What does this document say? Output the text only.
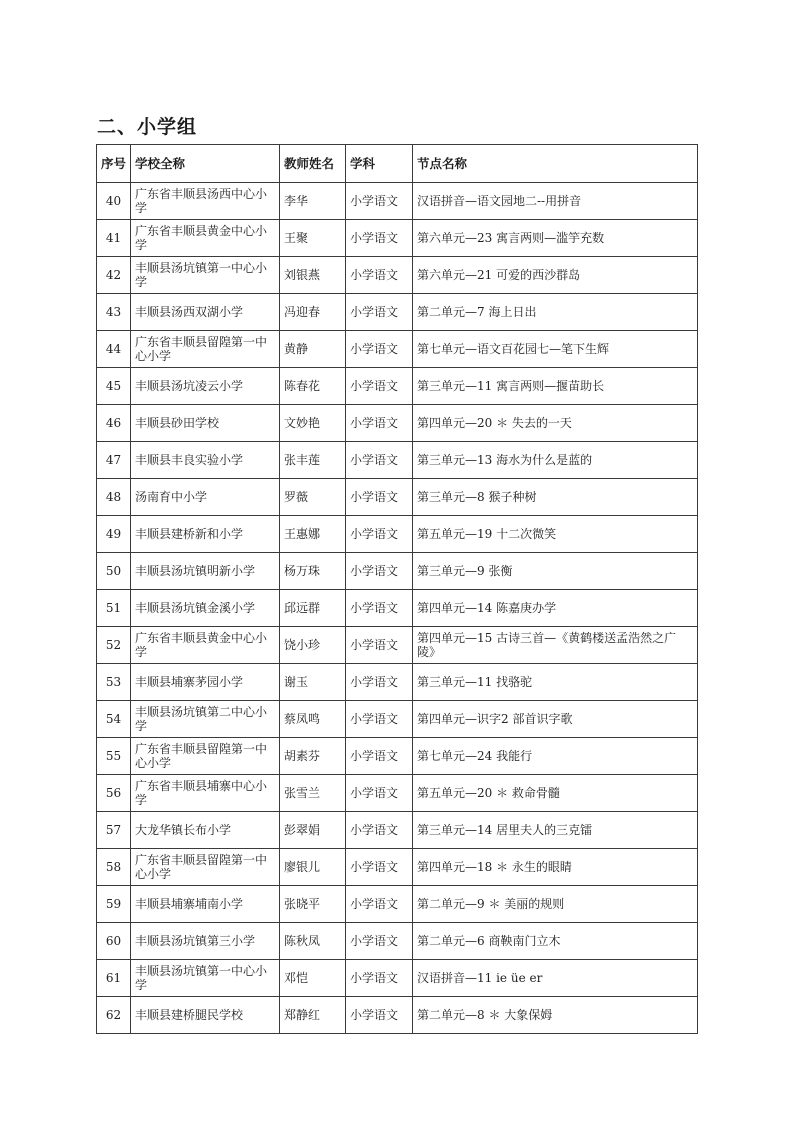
二、小学组
序号	学校全称	教师姓名	学科	节点名称
40	广东省丰顺县汤西中心小学	李华	小学语文	汉语拼音—语文园地二--用拼音
41	广东省丰顺县黄金中心小学	王聚	小学语文	第六单元—23 寓言两则—滥竽充数
42	丰顺县汤坑镇第一中心小学	刘银燕	小学语文	第六单元—21 可爱的西沙群岛
43	丰顺县汤西双湖小学	冯迎春	小学语文	第二单元—7 海上日出
44	广东省丰顺县留隍第一中心小学	黄静	小学语文	第七单元—语文百花园七—笔下生辉
45	丰顺县汤坑凌云小学	陈春花	小学语文	第三单元—11 寓言两则—揠苗助长
46	丰顺县砂田学校	文妙艳	小学语文	第四单元—20 ＊ 失去的一天
47	丰顺县丰良实验小学	张丰莲	小学语文	第三单元—13 海水为什么是蓝的
48	汤南育中小学	罗薇	小学语文	第三单元—8 猴子种树
49	丰顺县建桥新和小学	王惠娜	小学语文	第五单元—19 十二次微笑
50	丰顺县汤坑镇明新小学	杨万珠	小学语文	第三单元—9 张衡
51	丰顺县汤坑镇金溪小学	邱远群	小学语文	第四单元—14 陈嘉庚办学
52	广东省丰顺县黄金中心小学	饶小珍	小学语文	第四单元—15 古诗三首—《黄鹤楼送孟浩然之广陵》
53	丰顺县埔寨茅园小学	谢玉	小学语文	第三单元—11 找骆驼
54	丰顺县汤坑镇第二中心小学	蔡凤鸣	小学语文	第四单元—识字2 部首识字歌
55	广东省丰顺县留隍第一中心小学	胡素芬	小学语文	第七单元—24 我能行
56	广东省丰顺县埔寨中心小学	张雪兰	小学语文	第五单元—20 ＊ 救命骨髓
57	大龙华镇长布小学	彭翠娟	小学语文	第三单元—14 居里夫人的三克镭
58	广东省丰顺县留隍第一中心小学	廖银儿	小学语文	第四单元—18 ＊ 永生的眼睛
59	丰顺县埔寨埔南小学	张晓平	小学语文	第二单元—9 ＊ 美丽的规则
60	丰顺县汤坑镇第三小学	陈秋凤	小学语文	第二单元—6 商鞅南门立木
61	丰顺县汤坑镇第一中心小学	邓恺	小学语文	汉语拼音—11 ie üe er
62	丰顺县建桥腿民学校	郑静红	小学语文	第二单元—8 ＊ 大象保姆
